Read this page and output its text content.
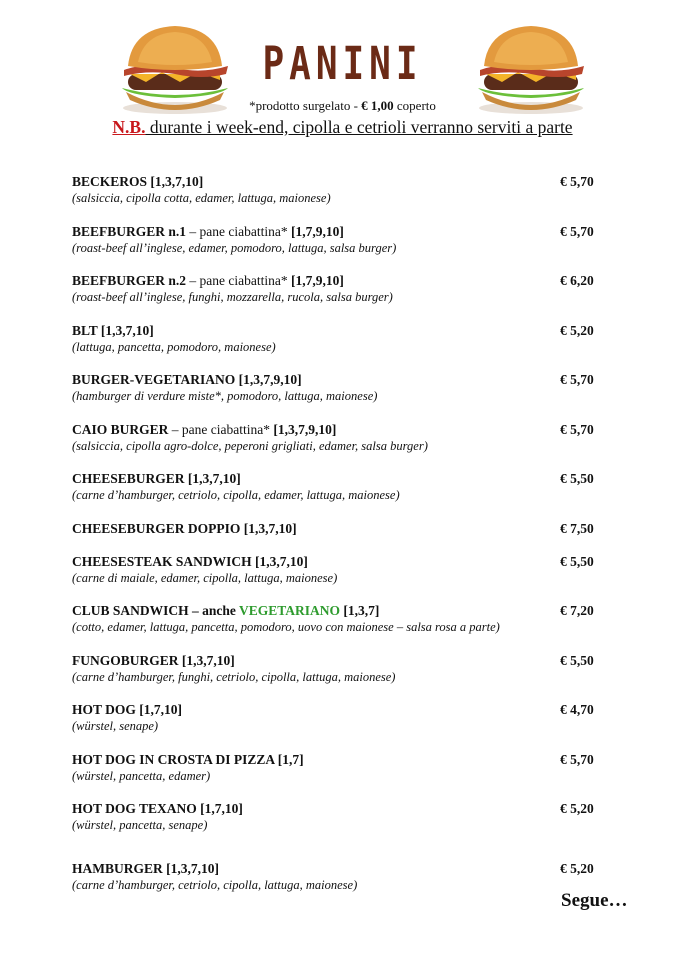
PANINI
*prodotto surgelato - € 1,00 coperto
N.B. durante i week-end, cipolla e cetrioli verranno serviti a parte
BECKEROS [1,3,7,10]
(salsiccia, cipolla cotta, edamer, lattuga, maionese)
€ 5,70
BEEFBURGER n.1 – pane ciabattina* [1,7,9,10]
(roast-beef all’inglese, edamer, pomodoro, lattuga, salsa burger)
€ 5,70
BEEFBURGER n.2 – pane ciabattina* [1,7,9,10]
(roast-beef all’inglese, funghi, mozzarella, rucola, salsa burger)
€ 6,20
BLT [1,3,7,10]
(lattuga, pancetta, pomodoro, maionese)
€ 5,20
BURGER-VEGETARIANO [1,3,7,9,10]
(hamburger di verdure miste*, pomodoro, lattuga, maionese)
€ 5,70
CAIO BURGER – pane ciabattina* [1,3,7,9,10]
(salsiccia, cipolla agro-dolce, peperoni grigliati, edamer, salsa burger)
€ 5,70
CHEESEBURGER [1,3,7,10]
(carne d’hamburger, cetriolo, cipolla, edamer, lattuga, maionese)
€ 5,50
CHEESEBURGER DOPPIO [1,3,7,10]	€ 7,50
CHEESESTEAK SANDWICH [1,3,7,10]
(carne di maiale, edamer, cipolla, lattuga, maionese)
€ 5,50
CLUB SANDWICH – anche VEGETARIANO [1,3,7]
(cotto, edamer, lattuga, pancetta, pomodoro, uovo con maionese – salsa rosa a parte)
€ 7,20
FUNGOBURGER [1,3,7,10]
(carne d’hamburger, funghi, cetriolo, cipolla, lattuga, maionese)
€ 5,50
HOT DOG [1,7,10]
(würstel, senape)
€ 4,70
HOT DOG IN CROSTA DI PIZZA [1,7]
(würstel, pancetta, edamer)
€ 5,70
HOT DOG TEXANO [1,7,10]
(würstel, pancetta, senape)
€ 5,20
HAMBURGER [1,3,7,10]
(carne d’hamburger, cetriolo, cipolla, lattuga, maionese)
€ 5,20
Segue…
